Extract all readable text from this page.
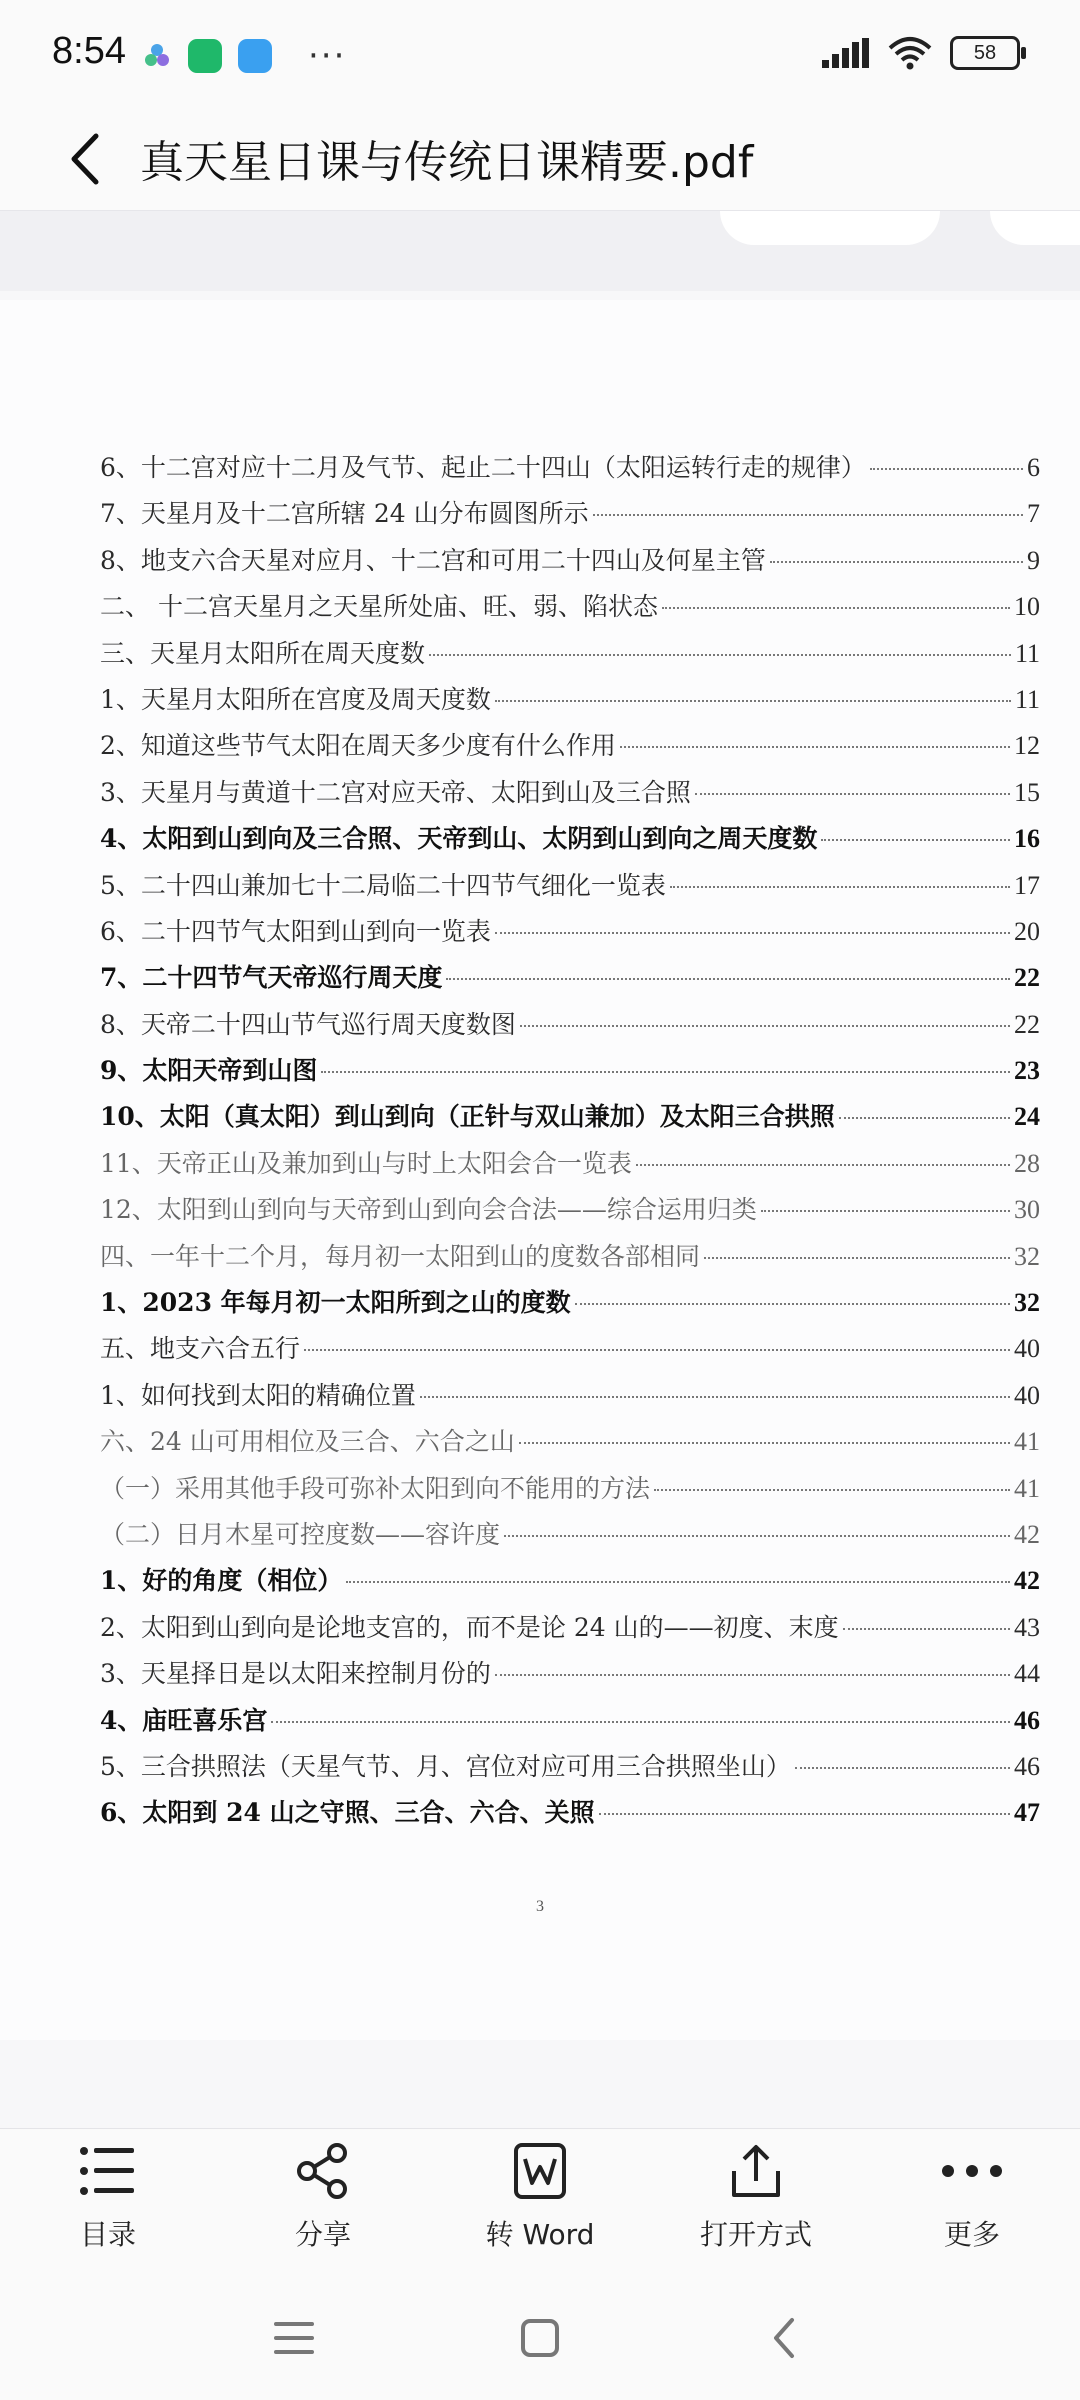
8:54	···	58
真天星日课与传统日课精要.pdf
6、十二宫对应十二月及气节、起止二十四山（太阳运转行走的规律）	6
7、天星月及十二宫所辖 24 山分布圆图所示	7
8、地支六合天星对应月、十二宫和可用二十四山及何星主管	9
二、 十二宫天星月之天星所处庙、旺、弱、陷状态	10
三、天星月太阳所在周天度数	11
1、天星月太阳所在宫度及周天度数	11
2、知道这些节气太阳在周天多少度有什么作用	12
3、天星月与黄道十二宫对应天帝、太阳到山及三合照	15
4、太阳到山到向及三合照、天帝到山、太阴到山到向之周天度数	16
5、二十四山兼加七十二局临二十四节气细化一览表	17
6、二十四节气太阳到山到向一览表	20
7、二十四节气天帝巡行周天度	22
8、天帝二十四山节气巡行周天度数图	22
9、太阳天帝到山图	23
10、太阳（真太阳）到山到向（正针与双山兼加）及太阳三合拱照	24
11、天帝正山及兼加到山与时上太阳会合一览表	28
12、太阳到山到向与天帝到山到向会合法——综合运用归类	30
四、一年十二个月，每月初一太阳到山的度数各部相同	32
1、2023 年每月初一太阳所到之山的度数	32
五、地支六合五行	40
1、如何找到太阳的精确位置	40
六、24 山可用相位及三合、六合之山	41
（一）采用其他手段可弥补太阳到向不能用的方法	41
（二）日月木星可控度数——容许度	42
1、好的角度（相位）	42
2、太阳到山到向是论地支宫的，而不是论 24 山的——初度、末度	43
3、天星择日是以太阳来控制月份的	44
4、庙旺喜乐宫	46
5、三合拱照法（天星气节、月、宫位对应可用三合拱照坐山）	46
6、太阳到 24 山之守照、三合、六合、关照	47
3
目录	分享	转 Word	打开方式	更多
